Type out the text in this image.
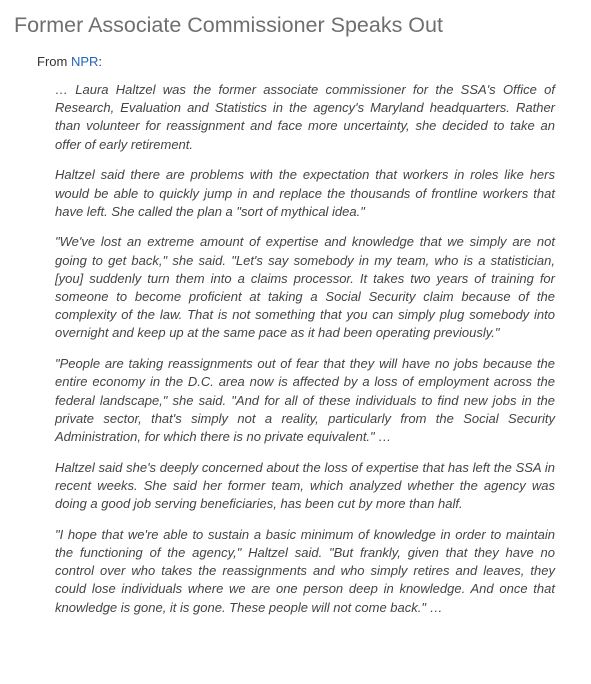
Former Associate Commissioner Speaks Out
From NPR:

… Laura Haltzel was the former associate commissioner for the SSA's Office of Research, Evaluation and Statistics in the agency's Maryland headquarters. Rather than volunteer for reassignment and face more uncertainty, she decided to take an offer of early retirement.

Haltzel said there are problems with the expectation that workers in roles like hers would be able to quickly jump in and replace the thousands of frontline workers that have left. She called the plan a "sort of mythical idea."

"We've lost an extreme amount of expertise and knowledge that we simply are not going to get back," she said. "Let's say somebody in my team, who is a statistician, [you] suddenly turn them into a claims processor. It takes two years of training for someone to become proficient at taking a Social Security claim because of the complexity of the law. That is not something that you can simply plug somebody into overnight and keep up at the same pace as it had been operating previously."

"People are taking reassignments out of fear that they will have no jobs because the entire economy in the D.C. area now is affected by a loss of employment across the federal landscape," she said. "And for all of these individuals to find new jobs in the private sector, that's simply not a reality, particularly from the Social Security Administration, for which there is no private equivalent." …

Haltzel said she's deeply concerned about the loss of expertise that has left the SSA in recent weeks. She said her former team, which analyzed whether the agency was doing a good job serving beneficiaries, has been cut by more than half.

"I hope that we're able to sustain a basic minimum of knowledge in order to maintain the functioning of the agency," Haltzel said. "But frankly, given that they have no control over who takes the reassignments and who simply retires and leaves, they could lose individuals where we are one person deep in knowledge. And once that knowledge is gone, it is gone. These people will not come back." …
